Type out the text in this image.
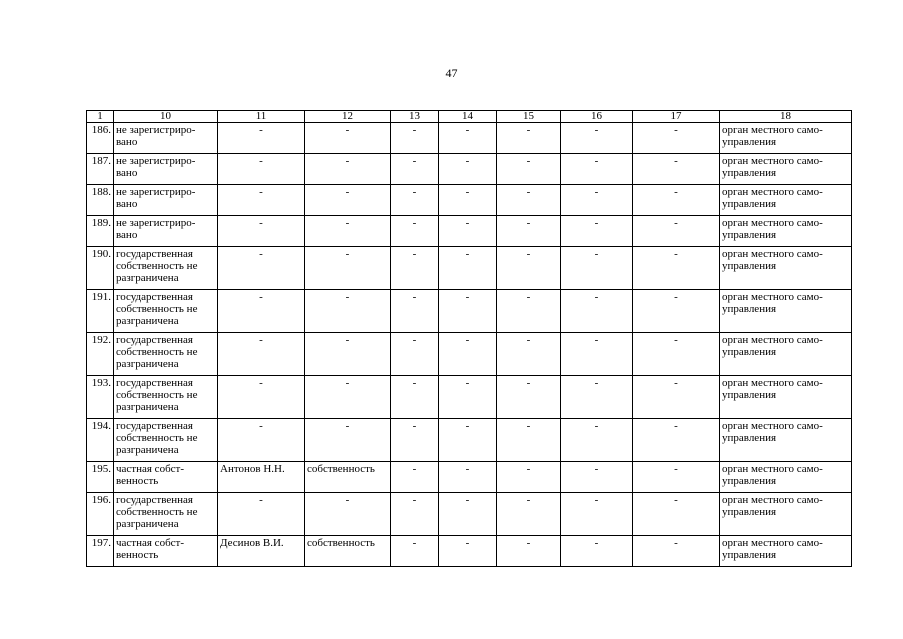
47
1	10	11	12	13	14	15	16	17	18
186.	не зарегистриро-
вано	-	-	-	-	-	-	-	орган местного само-
управления
187.	не зарегистриро-
вано	-	-	-	-	-	-	-	орган местного само-
управления
188.	не зарегистриро-
вано	-	-	-	-	-	-	-	орган местного само-
управления
189.	не зарегистриро-
вано	-	-	-	-	-	-	-	орган местного само-
управления
190.	государственная
собственность не
разграничена	-	-	-	-	-	-	-	орган местного само-
управления
191.	государственная
собственность не
разграничена	-	-	-	-	-	-	-	орган местного само-
управления
192.	государственная
собственность не
разграничена	-	-	-	-	-	-	-	орган местного само-
управления
193.	государственная
собственность не
разграничена	-	-	-	-	-	-	-	орган местного само-
управления
194.	государственная
собственность не
разграничена	-	-	-	-	-	-	-	орган местного само-
управления
195.	частная собст-
венность	Антонов Н.Н.	собственность	-	-	-	-	-	орган местного само-
управления
196.	государственная
собственность не
разграничена	-	-	-	-	-	-	-	орган местного само-
управления
197.	частная собст-
венность	Десинов В.И.	собственность	-	-	-	-	-	орган местного само-
управления
